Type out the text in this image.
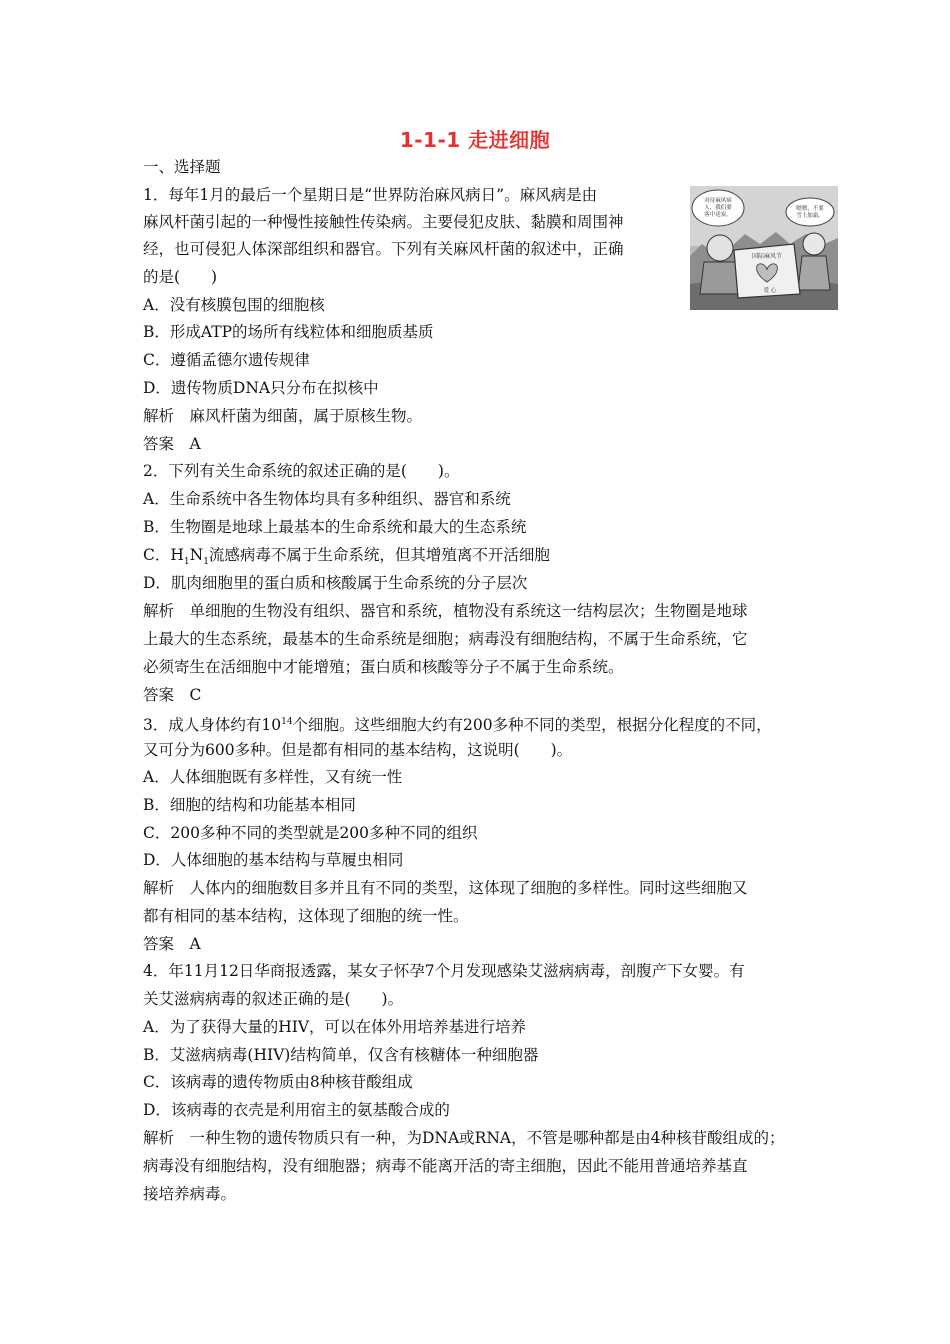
1-1-1 走进细胞
一、选择题
1．每年1月的最后一个星期日是“世界防治麻风病日”。麻风病是由
麻风杆菌引起的一种慢性接触性传染病。主要侵犯皮肤、黏膜和周围神
经，也可侵犯人体深部组织和器官。下列有关麻风杆菌的叙述中，正确
的是(　　)
A．没有核膜包围的细胞核
B．形成ATP的场所有线粒体和细胞质基质
C．遵循孟德尔遗传规律
D．遗传物质DNA只分布在拟核中
解析　麻风杆菌为细菌，属于原核生物。
答案　A
对待麻风病
人，我们要
客中送炭。
嗯嗯，不要
雪上加霜。
国际麻风节
爱 心
2．下列有关生命系统的叙述正确的是(　　)。
A．生命系统中各生物体均具有多种组织、器官和系统
B．生物圈是地球上最基本的生命系统和最大的生态系统
C．$H_1N_1$流感病毒不属于生命系统，但其增殖离不开活细胞
D．肌肉细胞里的蛋白质和核酸属于生命系统的分子层次
解析　单细胞的生物没有组织、器官和系统，植物没有系统这一结构层次；生物圈是地球
上最大的生态系统，最基本的生命系统是细胞；病毒没有细胞结构，不属于生命系统，它
必须寄生在活细胞中才能增殖；蛋白质和核酸等分子不属于生命系统。
答案　C
3．成人身体约有$10^{14}$个细胞。这些细胞大约有200多种不同的类型，根据分化程度的不同，
又可分为600多种。但是都有相同的基本结构，这说明(　　)。
A．人体细胞既有多样性，又有统一性
B．细胞的结构和功能基本相同
C．200多种不同的类型就是200多种不同的组织
D．人体细胞的基本结构与草履虫相同
解析　人体内的细胞数目多并且有不同的类型，这体现了细胞的多样性。同时这些细胞又
都有相同的基本结构，这体现了细胞的统一性。
答案　A
4．年11月12日华商报透露，某女子怀孕7个月发现感染艾滋病病毒，剖腹产下女婴。有
关艾滋病病毒的叙述正确的是(　　)。
A．为了获得大量的HIV，可以在体外用培养基进行培养
B．艾滋病病毒(HIV)结构简单，仅含有核糖体一种细胞器
C．该病毒的遗传物质由8种核苷酸组成
D．该病毒的衣壳是利用宿主的氨基酸合成的
解析　一种生物的遗传物质只有一种，为DNA或RNA，不管是哪种都是由4种核苷酸组成的；
病毒没有细胞结构，没有细胞器；病毒不能离开活的寄主细胞，因此不能用普通培养基直
接培养病毒。
